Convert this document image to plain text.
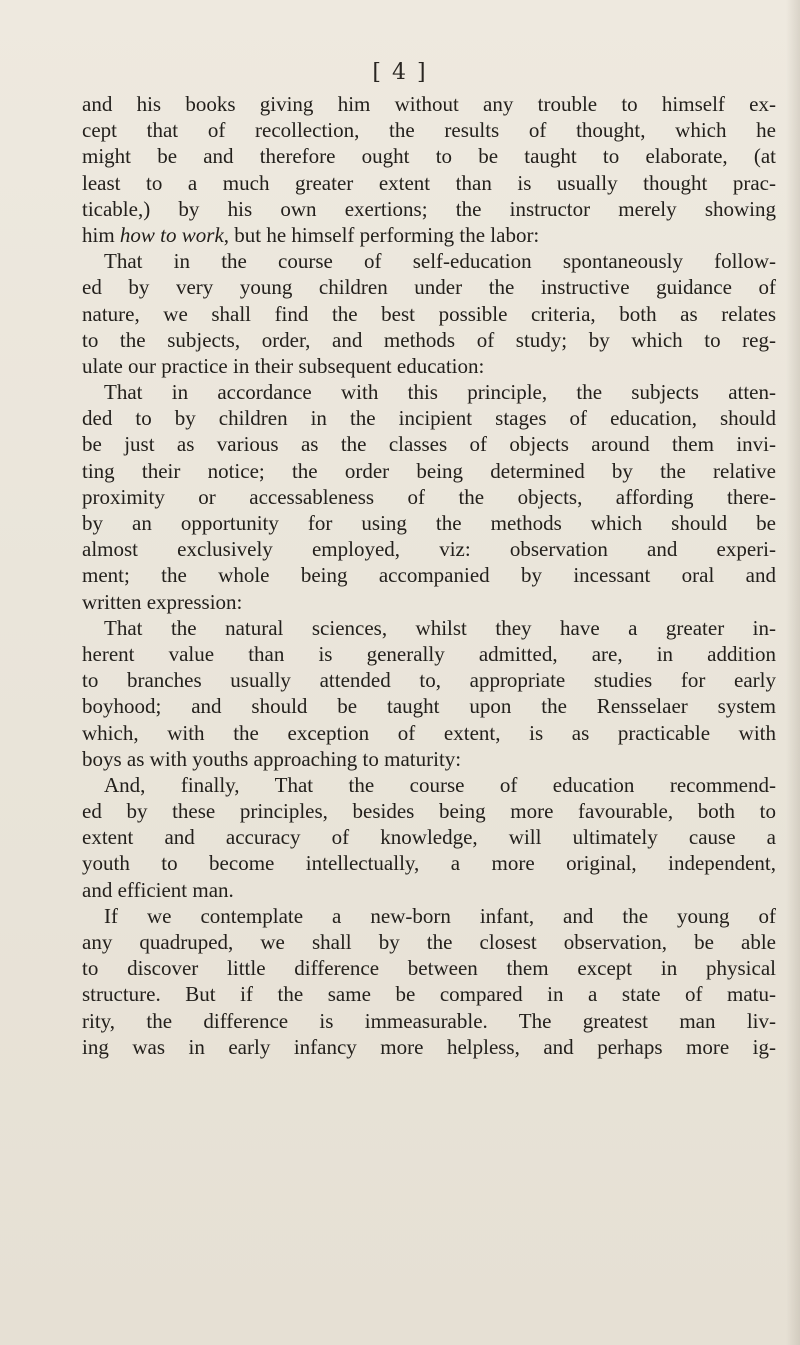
[ 4 ]
and his books giving him without any trouble to himself ex-
cept that of recollection, the results of thought, which he
might be and therefore ought to be taught to elaborate, (at
least to a much greater extent than is usually thought prac-
ticable,) by his own exertions; the instructor merely showing
him how to work, but he himself performing the labor:
That in the course of self-education spontaneously follow-
ed by very young children under the instructive guidance of
nature, we shall find the best possible criteria, both as relates
to the subjects, order, and methods of study; by which to reg-
ulate our practice in their subsequent education:
That in accordance with this principle, the subjects atten-
ded to by children in the incipient stages of education, should
be just as various as the classes of objects around them invi-
ting their notice; the order being determined by the relative
proximity or accessableness of the objects, affording there-
by an opportunity for using the methods which should be
almost exclusively employed, viz: observation and experi-
ment; the whole being accompanied by incessant oral and
written expression:
That the natural sciences, whilst they have a greater in-
herent value than is generally admitted, are, in addition
to branches usually attended to, appropriate studies for early
boyhood; and should be taught upon the Rensselaer system
which, with the exception of extent, is as practicable with
boys as with youths approaching to maturity:
And, finally, That the course of education recommend-
ed by these principles, besides being more favourable, both to
extent and accuracy of knowledge, will ultimately cause a
youth to become intellectually, a more original, independent,
and efficient man.
If we contemplate a new-born infant, and the young of
any quadruped, we shall by the closest observation, be able
to discover little difference between them except in physical
structure. But if the same be compared in a state of matu-
rity, the difference is immeasurable. The greatest man liv-
ing was in early infancy more helpless, and perhaps more ig-
